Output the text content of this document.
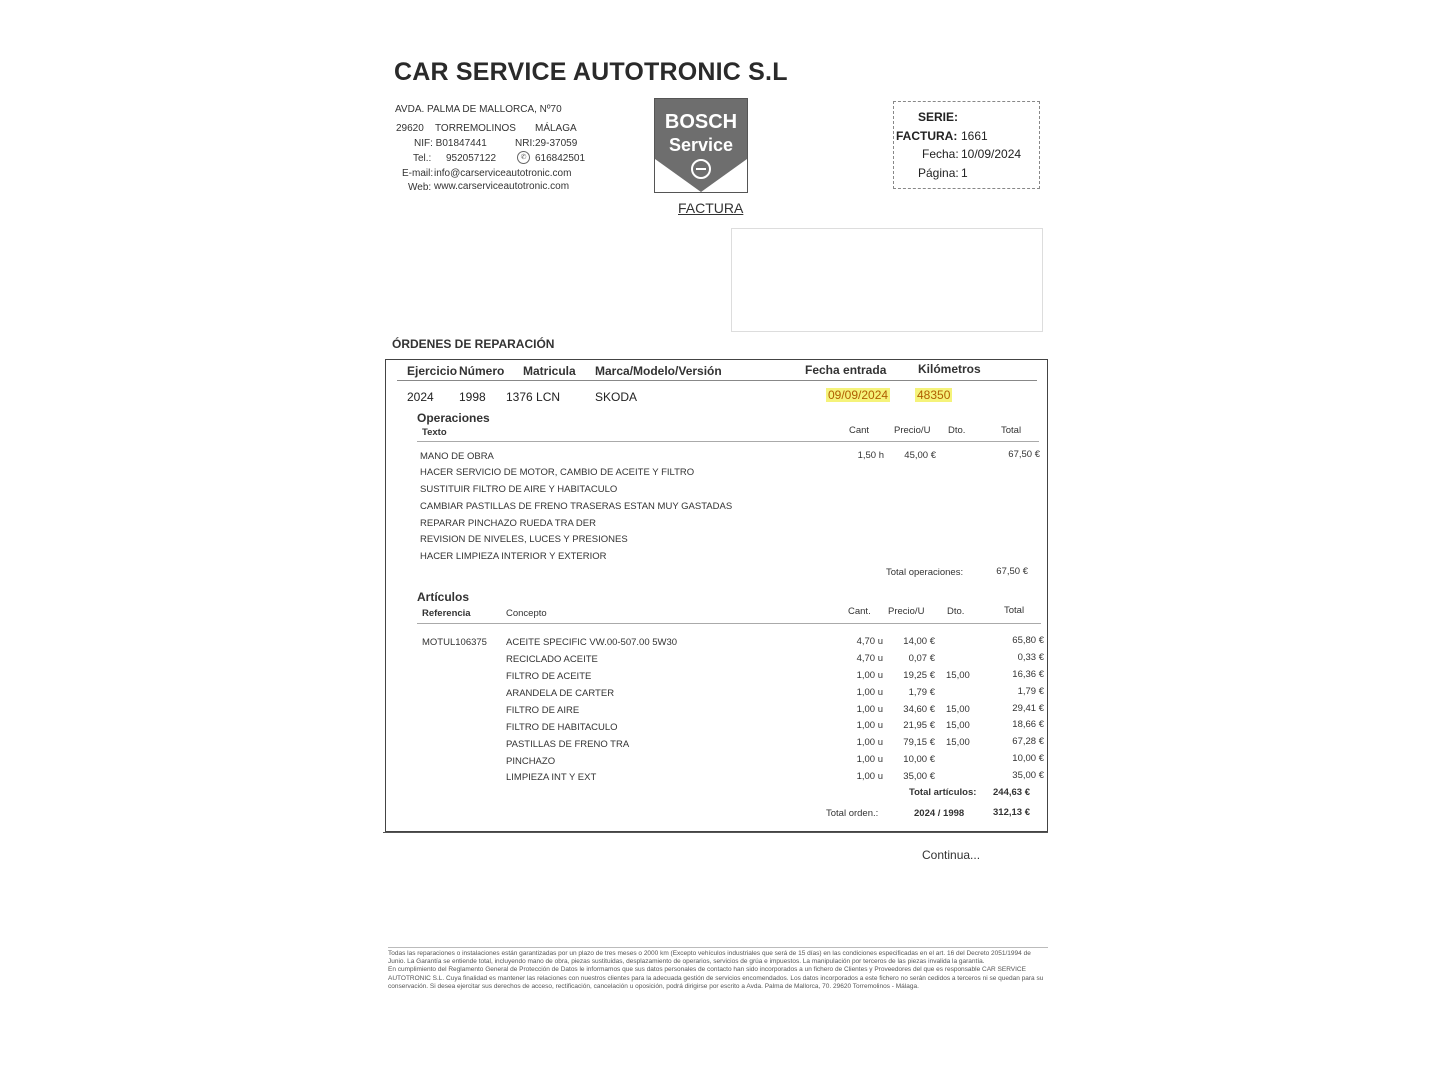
CAR SERVICE AUTOTRONIC S.L
AVDA. PALMA DE MALLORCA, Nº70
29620 TORREMOLINOS MÁLAGA
NIF: B01847441	NRI:29-37059
Tel.: 952057122	✆ 616842501
E-mail: info@carserviceautotronic.com
Web: www.carserviceautotronic.com
BOSCH
Service
FACTURA
SERIE:
FACTURA: 1661
Fecha: 10/09/2024
Página: 1
ÓRDENES DE REPARACIÓN
Ejercicio Número Matricula Marca/Modelo/Versión	Fecha entrada	Kilómetros
2024 1998 1376 LCN	SKODA	09/09/2024 48350
Operaciones
Texto	Cant	Precio/U Dto.	Total
MANO DE OBRA	1,50 h	45,00 €	67,50 €
HACER SERVICIO DE MOTOR, CAMBIO DE ACEITE Y FILTRO
SUSTITUIR FILTRO DE AIRE Y HABITACULO
CAMBIAR PASTILLAS DE FRENO TRASERAS ESTAN MUY GASTADAS
REPARAR PINCHAZO RUEDA TRA DER
REVISION DE NIVELES, LUCES Y PRESIONES
HACER LIMPIEZA INTERIOR Y EXTERIOR
Total operaciones:	67,50 €
Artículos
Referencia	Concepto	Cant. Precio/U Dto.	Total
MOTUL106375 ACEITE SPECIFIC VW.00-507.00 5W30	4,70 u	14,00 €	65,80 €
RECICLADO ACEITE	4,70 u	0,07 €	0,33 €
FILTRO DE ACEITE	1,00 u	19,25 € 15,00	16,36 €
ARANDELA DE CARTER	1,00 u	1,79 €	1,79 €
FILTRO DE AIRE	1,00 u	34,60 € 15,00	29,41 €
FILTRO DE HABITACULO	1,00 u	21,95 € 15,00	18,66 €
PASTILLAS DE FRENO TRA	1,00 u	79,15 € 15,00	67,28 €
PINCHAZO	1,00 u	10,00 €	10,00 €
LIMPIEZA INT Y EXT	1,00 u	35,00 €	35,00 €
Total artículos:	244,63 €
Total orden.:	2024 / 1998	312,13 €
Continua...
Todas las reparaciones o instalaciones están garantizadas por un plazo de tres meses o 2000 km (Excepto vehículos industriales que será de 15 días) en las condiciones especificadas en el art. 16 del Decreto 2051/1994 de Junio. La Garantía se entiende total, incluyendo mano de obra, piezas sustituidas, desplazamiento de operarios, servicios de grúa e impuestos. La manipulación por terceros de las piezas invalida la garantía.
En cumplimiento del Reglamento General de Protección de Datos le informamos que sus datos personales de contacto han sido incorporados a un fichero de Clientes y Proveedores del que es responsable CAR SERVICE AUTOTRONIC S.L. Cuya finalidad es mantener las relaciones con nuestros clientes para la adecuada gestión de servicios encomendados. Los datos incorporados a este fichero no serán cedidos a terceros ni se quedan para su conservación. Si desea ejercitar sus derechos de acceso, rectificación, cancelación u oposición, podrá dirigirse por escrito a Avda. Palma de Mallorca, 70. 29620 Torremolinos - Málaga.
